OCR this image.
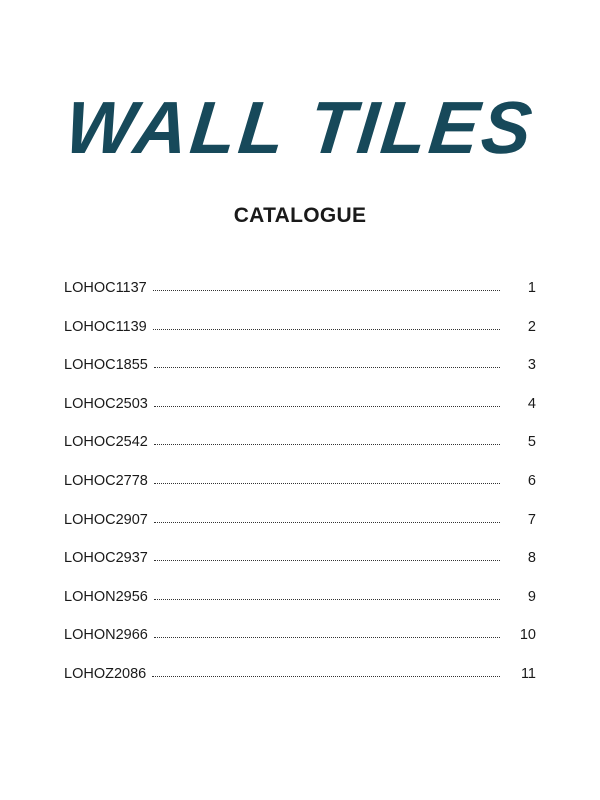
WALL TILES
CATALOGUE
LOHOC1137	1
LOHOC1139	2
LOHOC1855	3
LOHOC2503	4
LOHOC2542	5
LOHOC2778	6
LOHOC2907	7
LOHOC2937	8
LOHON2956	9
LOHON2966	10
LOHOZ2086	11
